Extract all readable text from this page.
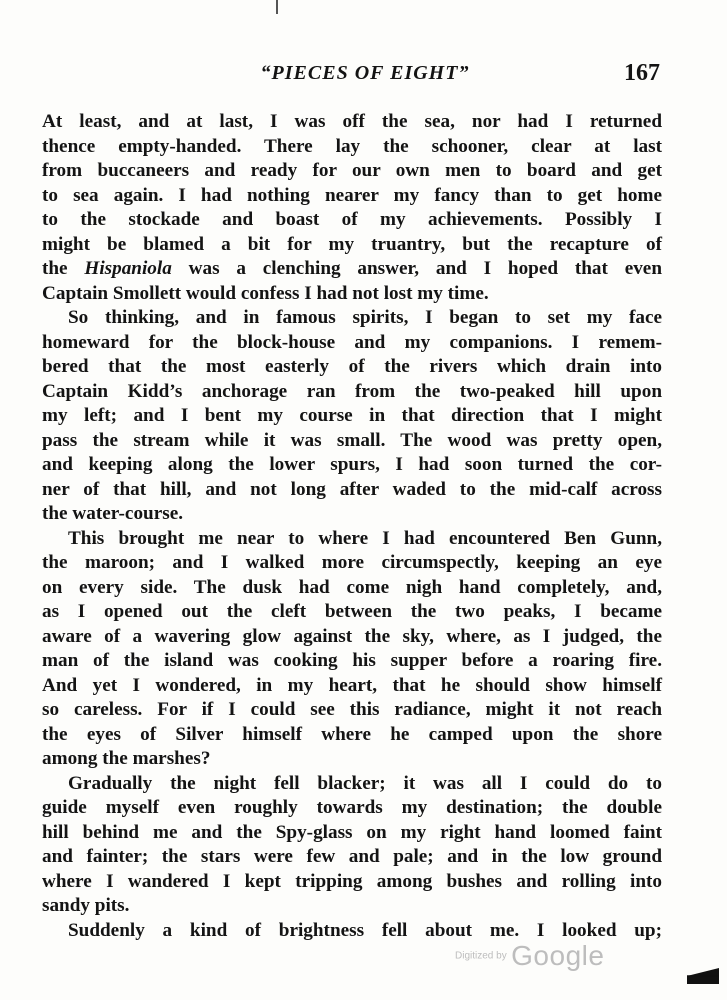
“PIECES OF EIGHT”	167
At least, and at last, I was off the sea, nor had I returned
thence empty-handed. There lay the schooner, clear at last
from buccaneers and ready for our own men to board and get
to sea again. I had nothing nearer my fancy than to get home
to the stockade and boast of my achievements. Possibly I
might be blamed a bit for my truantry, but the recapture of
the Hispaniola was a clenching answer, and I hoped that even
Captain Smollett would confess I had not lost my time.
So thinking, and in famous spirits, I began to set my face
homeward for the block-house and my companions. I remem-
bered that the most easterly of the rivers which drain into
Captain Kidd’s anchorage ran from the two-peaked hill upon
my left; and I bent my course in that direction that I might
pass the stream while it was small. The wood was pretty open,
and keeping along the lower spurs, I had soon turned the cor-
ner of that hill, and not long after waded to the mid-calf across
the water-course.
This brought me near to where I had encountered Ben Gunn,
the maroon; and I walked more circumspectly, keeping an eye
on every side. The dusk had come nigh hand completely, and,
as I opened out the cleft between the two peaks, I became
aware of a wavering glow against the sky, where, as I judged, the
man of the island was cooking his supper before a roaring fire.
And yet I wondered, in my heart, that he should show himself
so careless. For if I could see this radiance, might it not reach
the eyes of Silver himself where he camped upon the shore
among the marshes?
Gradually the night fell blacker; it was all I could do to
guide myself even roughly towards my destination; the double
hill behind me and the Spy-glass on my right hand loomed faint
and fainter; the stars were few and pale; and in the low ground
where I wandered I kept tripping among bushes and rolling into
sandy pits.
Suddenly a kind of brightness fell about me. I looked up;
Digitized by Google
